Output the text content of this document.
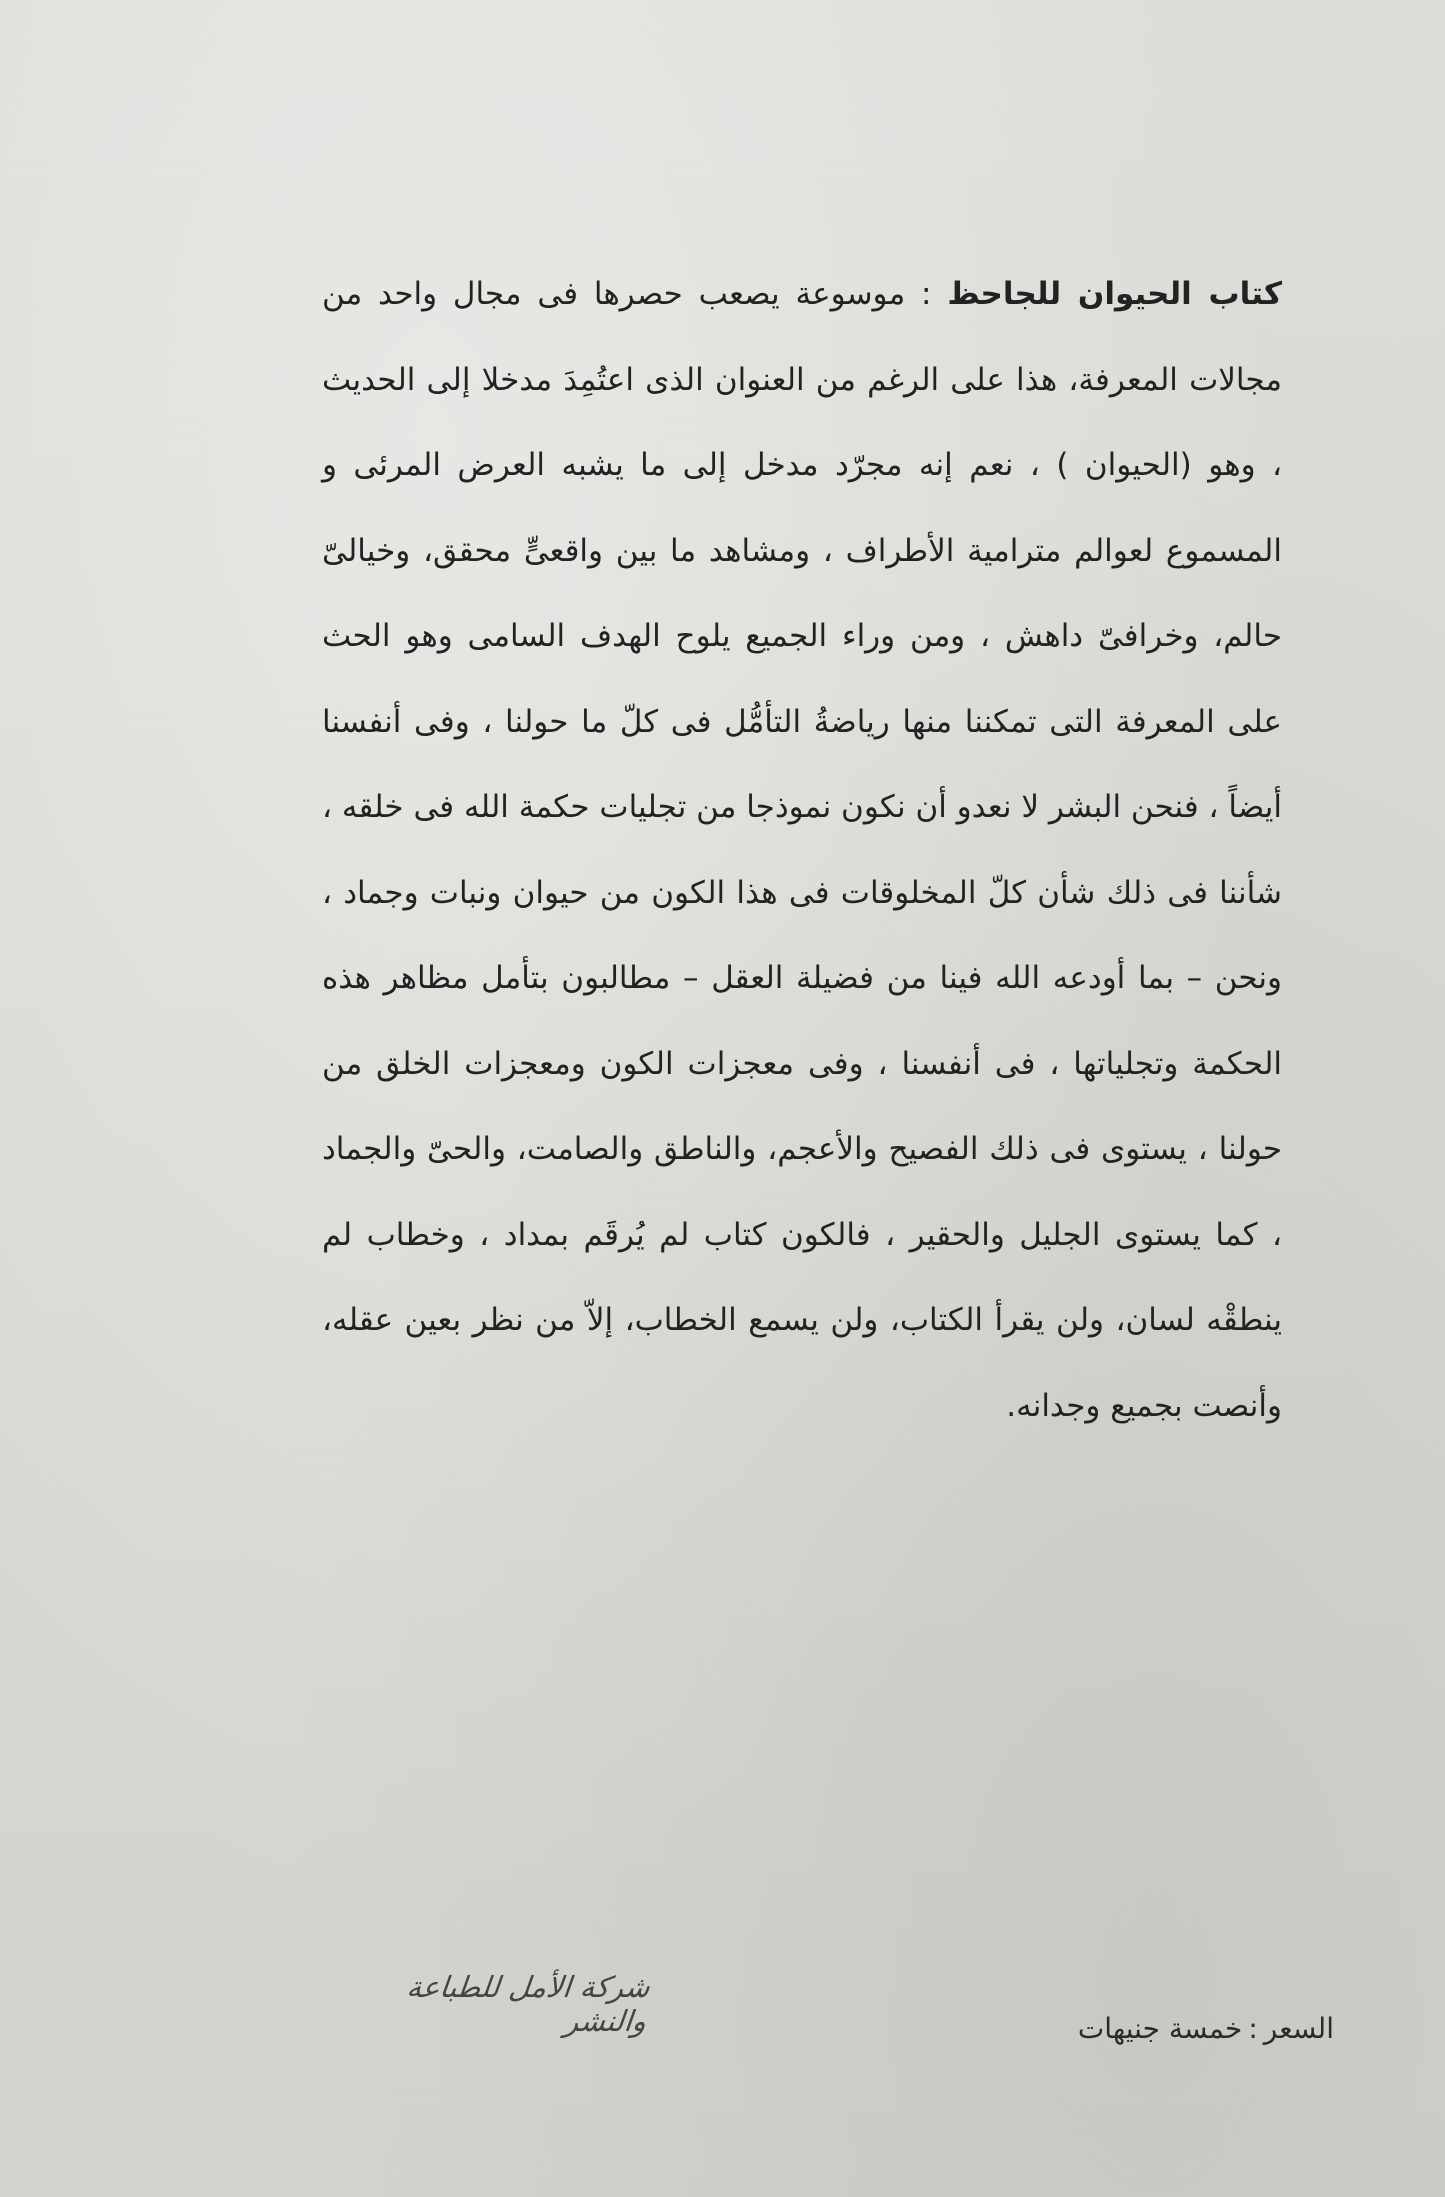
كتاب الحيوان للجاحظ : موسوعة يصعب حصرها فى مجال واحد من مجالات المعرفة، هذا على الرغم من العنوان الذى اعتُمِدَ مدخلا إلى الحديث ، وهو (الحيوان ) ، نعم إنه مجرّد مدخل إلى ما يشبه العرض المرئى و المسموع لعوالم مترامية الأطراف ، ومشاهد ما بين واقعىٍّ محقق، وخيالىّ حالم، وخرافىّ داهش ، ومن وراء الجميع يلوح الهدف السامى وهو الحث على المعرفة التى تمكننا منها رياضةُ التأمُّل فى كلّ ما حولنا ، وفى أنفسنا أيضاً ، فنحن البشر لا نعدو أن نكون نموذجا من تجليات حكمة الله فى خلقه ، شأننا فى ذلك شأن كلّ المخلوقات فى هذا الكون من حيوان ونبات وجماد ، ونحن – بما أودعه الله فينا من فضيلة العقل – مطالبون بتأمل مظاهر هذه الحكمة وتجلياتها ، فى أنفسنا ، وفى معجزات الكون ومعجزات الخلق من حولنا ، يستوى فى ذلك الفصيح والأعجم، والناطق والصامت، والحىّ والجماد ، كما يستوى الجليل والحقير ، فالكون كتاب لم يُرقَم بمداد ، وخطاب لم ينطقْه لسان، ولن يقرأ الكتاب، ولن يسمع الخطاب، إلاّ من نظر بعين عقله، وأنصت بجميع وجدانه.
شركة الأمل للطباعة والنشر	السعر:خمسة جنيهات
